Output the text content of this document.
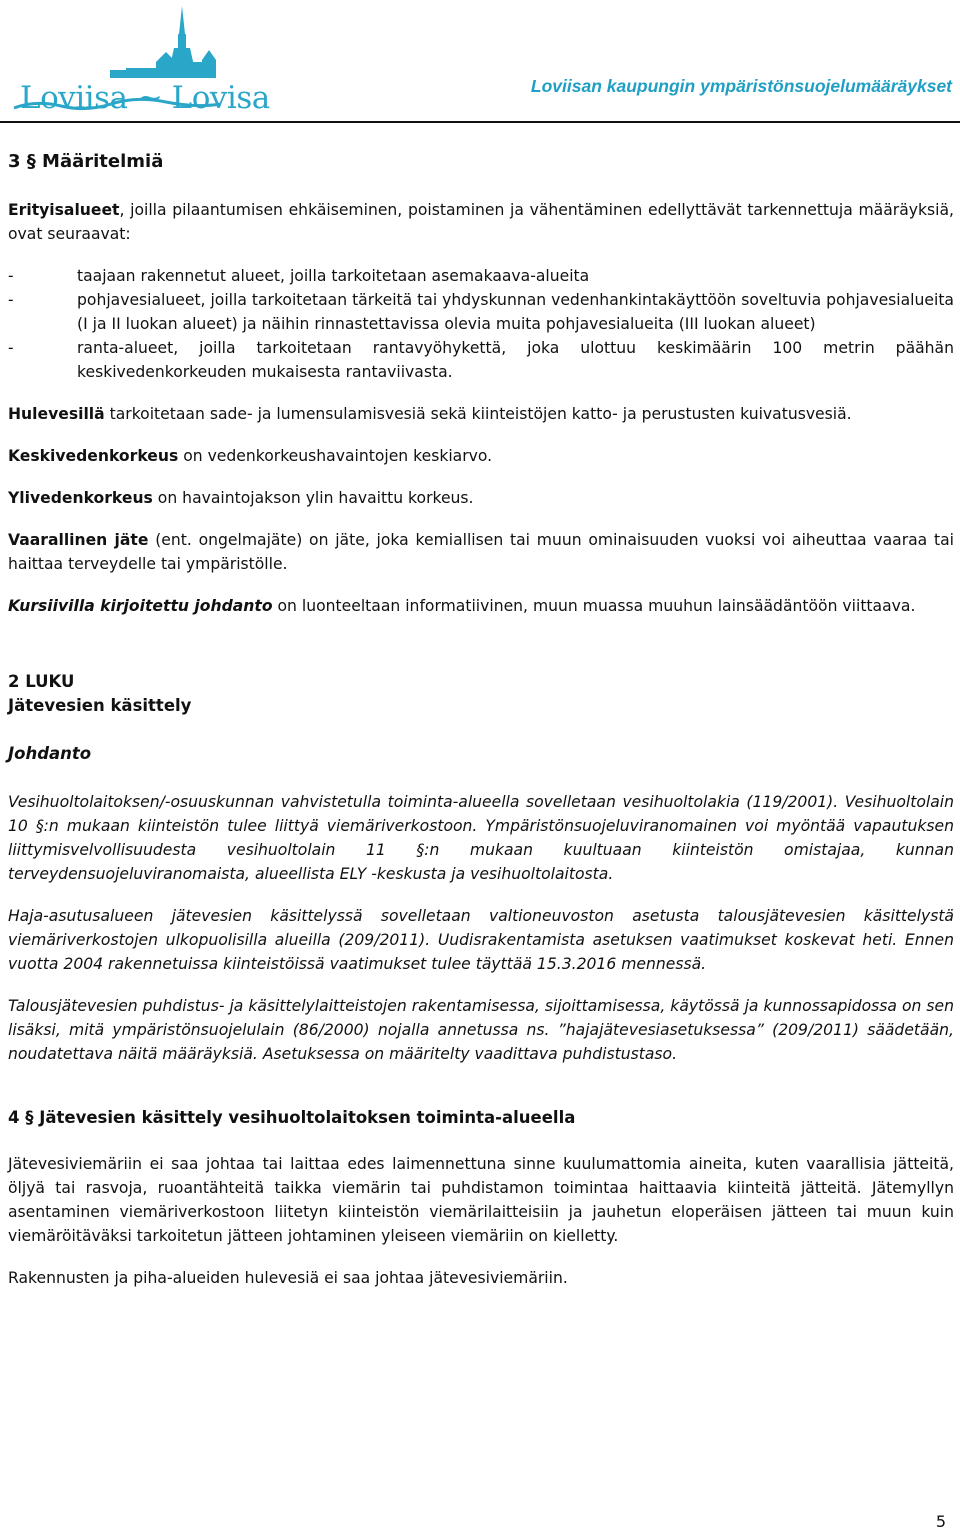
Loviisa ~ Lovisa	Loviisan kaupungin ympäristönsuojelumääräykset
3 § Määritelmiä

Erityisalueet, joilla pilaantumisen ehkäiseminen, poistaminen ja vähentäminen edellyttävät tarkennettuja määräyksiä, ovat seuraavat:

-	taajaan rakennetut alueet, joilla tarkoitetaan asemakaava-alueita
-	pohjavesialueet, joilla tarkoitetaan tärkeitä tai yhdyskunnan vedenhankintakäyttöön soveltuvia pohjavesialueita (I ja II luokan alueet) ja näihin rinnastettavissa olevia muita pohjavesialueita (III luokan alueet)
-	ranta-alueet, joilla tarkoitetaan rantavyöhykettä, joka ulottuu keskimäärin 100 metrin päähän keskivedenkorkeuden mukaisesta rantaviivasta.

Hulevesillä tarkoitetaan sade- ja lumensulamisvesiä sekä kiinteistöjen katto- ja perustusten kuivatusvesiä.

Keskivedenkorkeus on vedenkorkeushavaintojen keskiarvo.

Ylivedenkorkeus on havaintojakson ylin havaittu korkeus.

Vaarallinen jäte (ent. ongelmajäte) on jäte, joka kemiallisen tai muun ominaisuuden vuoksi voi aiheuttaa vaaraa tai haittaa terveydelle tai ympäristölle.

Kursiivilla kirjoitettu johdanto on luonteeltaan informatiivinen, muun muassa muuhun lainsäädäntöön viittaava.

2 LUKU
Jätevesien käsittely
Johdanto

Vesihuoltolaitoksen/-osuuskunnan vahvistetulla toiminta-alueella sovelletaan vesihuoltolakia (119/2001). Vesihuoltolain 10 §:n mukaan kiinteistön tulee liittyä viemäriverkostoon. Ympäristönsuojeluviranomainen voi myöntää vapautuksen liittymisvelvollisuudesta vesihuoltolain 11 §:n mukaan kuultuaan kiinteistön omistajaa, kunnan terveydensuojeluviranomaista, alueellista ELY -keskusta ja vesihuoltolaitosta.

Haja-asutusalueen jätevesien käsittelyssä sovelletaan valtioneuvoston asetusta talousjätevesien käsittelystä viemäriverkostojen ulkopuolisilla alueilla (209/2011). Uudisrakentamista asetuksen vaatimukset koskevat heti. Ennen vuotta 2004 rakennetuissa kiinteistöissä vaatimukset tulee täyttää 15.3.2016 mennessä.

Talousjätevesien puhdistus- ja käsittelylaitteistojen rakentamisessa, sijoittamisessa, käytössä ja kunnossapidossa on sen lisäksi, mitä ympäristönsuojelulain (86/2000) nojalla annetussa ns. ”hajajätevesiasetuksessa” (209/2011) säädetään, noudatettava näitä määräyksiä. Asetuksessa on määritelty vaadittava puhdistustaso.

4 § Jätevesien käsittely vesihuoltolaitoksen toiminta-alueella

Jätevesiviemäriin ei saa johtaa tai laittaa edes laimennettuna sinne kuulumattomia aineita, kuten vaarallisia jätteitä, öljyä tai rasvoja, ruoantähteitä taikka viemärin tai puhdistamon toimintaa haittaavia kiinteitä jätteitä. Jätemyllyn asentaminen viemäriverkostoon liitetyn kiinteistön viemärilaitteisiin ja jauhetun eloperäisen jätteen tai muun kuin viemäröitäväksi tarkoitetun jätteen johtaminen yleiseen viemäriin on kielletty.

Rakennusten ja piha-alueiden hulevesiä ei saa johtaa jätevesiviemäriin.

5
